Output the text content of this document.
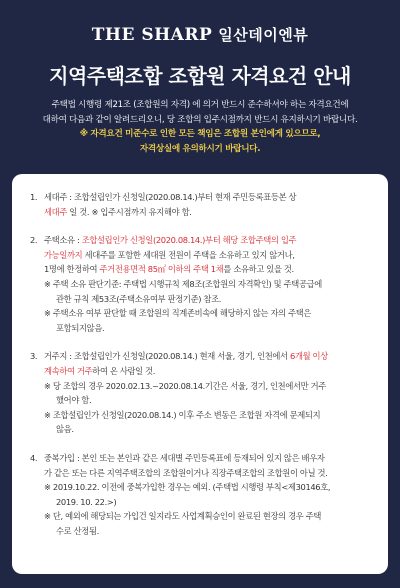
THE SHARP 일산데이엔뷰
지역주택조합 조합원 자격요건 안내
주택법 시행령 제21조 (조합원의 자격) 에 의거 반드시 준수하셔야 하는 자격요건에
대하여 다음과 같이 알려드리오니, 당 조합의 입주시점까지 반드시 유지하시기 바랍니다.
※ 자격요건 미준수로 인한 모든 책임은 조합원 본인에게 있으므로,
자격상실에 유의하시기 바랍니다.
1. 세대주 : 조합설립인가 신청일(2020.08.14.)부터 현재 주민등록표등본 상
세대주 일 것. ※ 입주시점까지 유지해야 함.
2. 주택소유 : 조합설립인가 신청일(2020.08.14.)부터 해당 조합주택의 입주
가능일까지 세대주를 포함한 세대원 전원이 주택을 소유하고 있지 않거나,
1명에 한정하여 주거전용면적 85㎡ 이하의 주택 1채를 소유하고 있을 것.
※ 주택 소유 판단기준: 주택법 시행규칙 제8조(조합원의 자격확인) 및 주택공급에
관한 규칙 제53조(주택소유여부 판정기준) 참조.
※ 주택소유 여부 판단할 때 조합원의 직계존비속에 해당하지 않는 자의 주택은
포함되지않음.
3. 거주지 : 조합설립인가 신청일(2020.08.14.) 현재 서울, 경기, 인천에서 6개월 이상
계속하여 거주하여 온 사람일 것.
※ 당 조합의 경우 2020.02.13.~2020.08.14.기간은 서울, 경기, 인천에서만 거주
했어야 함.
※ 조합설립인가 신청일(2020.08.14.) 이후 주소 변동은 조합원 자격에 문제되지
않음.
4. 중복가입 : 본인 또는 본인과 같은 세대별 주민등록표에 등재되어 있지 않은 배우자
가 같은 또는 다른 지역주택조합의 조합원이거나 직장주택조합의 조합원이 아닐 것.
※ 2019.10.22. 이전에 중복가입한 경우는 예외. (주택법 시행령 부칙<제30146호,
2019. 10. 22.>)
※ 단, 예외에 해당되는 가입건 일지라도 사업계획승인이 완료된 현장의 경우 주택
수로 산정됨.
